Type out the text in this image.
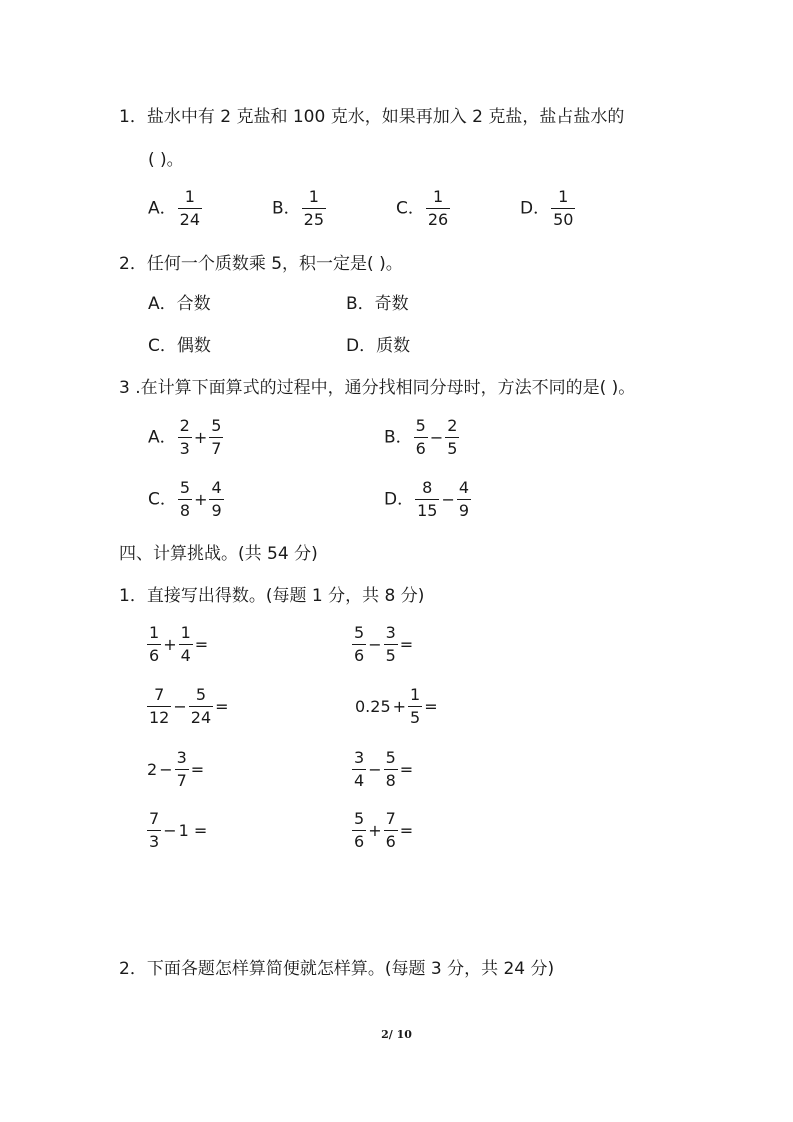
1．盐水中有 2 克盐和 100 克水，如果再加入 2 克盐，盐占盐水的
( )。
A． $\frac{1}{24}$	B． $\frac{1}{25}$	C． $\frac{1}{26}$	D． $\frac{1}{50}$
2．任何一个质数乘 5，积一定是( )。
A．合数	B．奇数
C．偶数	D．质数
3 .在计算下面算式的过程中，通分找相同分母时，方法不同的是( )。
A． $\frac{2}{3} + \frac{5}{7}$	B． $\frac{5}{6} - \frac{2}{5}$
C． $\frac{5}{8} + \frac{4}{9}$	D． $\frac{8}{15} - \frac{4}{9}$
四、计算挑战。(共 54 分)
1．直接写出得数。(每题 1 分，共 8 分)
$\frac{1}{6} + \frac{1}{4}$ =	$\frac{5}{6} - \frac{3}{5}$ =
$\frac{7}{12} - \frac{5}{24}$ =	$0.25 + \frac{1}{5}$ =
$2 - \frac{3}{7}$ =	$\frac{3}{4} - \frac{5}{8}$ =
$\frac{7}{3} - 1$ =	$\frac{5}{6} + \frac{7}{6}$ =
2．下面各题怎样算简便就怎样算。(每题 3 分，共 24 分)
2/ 10
